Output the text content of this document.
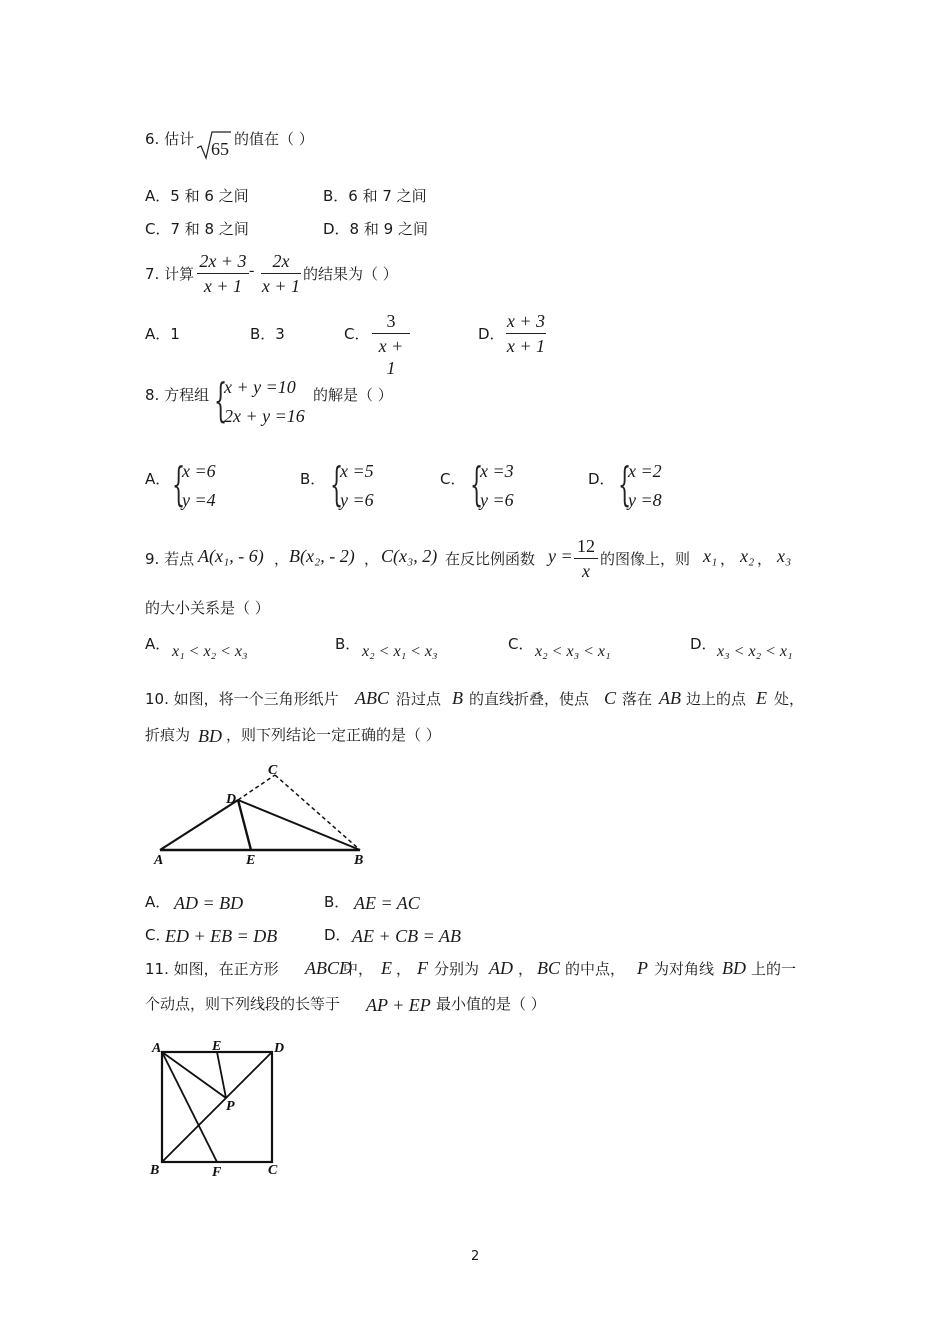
6. 估计 65 的值在（ ）
A．5 和 6 之间	B．6 和 7 之间
C．7 和 8 之间	D．8 和 9 之间
7. 计算
2x + 3
x + 1
-	2x
x + 1
的结果为（ ）
A．1	B．3	C．
3
x + 1
D．
x + 3
x + 1
8. 方程组 {
x + y =10
2x + y =16
的解是（ ）
A． {
x =6
y =4
B． {
x =5
y =6
C． {
x =3
y =6
D． {
x =2
y =8
9. 若点 A(x₁, - 6) ， B(x₂, - 2) ， C(x₃, 2) 在反比例函数 y = 12
x
的图像上，则 x₁ ， x₂ ， x₃
的大小关系是（ ）
A． x₁ < x₂ < x₃	B． x₂ < x₁ < x₃	C． x₂ < x₃ < x₁	D． x₃ < x₂ < x₁
10. 如图，将一个三角形纸片 ABC 沿过点 B 的直线折叠，使点 C 落在 AB 边上的点 E 处，
折痕为 BD ，则下列结论一定正确的是（ ）
A	E	B
D
C
A． AD = BD	B． AE = AC
C．
ED + EB = DB	D． AE + CB = AB
11. 如图，在正方形 ABCD
中， E ， F 分别为 AD ， BC 的中点， P 为对角线 BD 上的一
个动点，则下列线段的长等于 AP + EP 最小值的是（ ）
A	E	D
P
B	F	C
2
